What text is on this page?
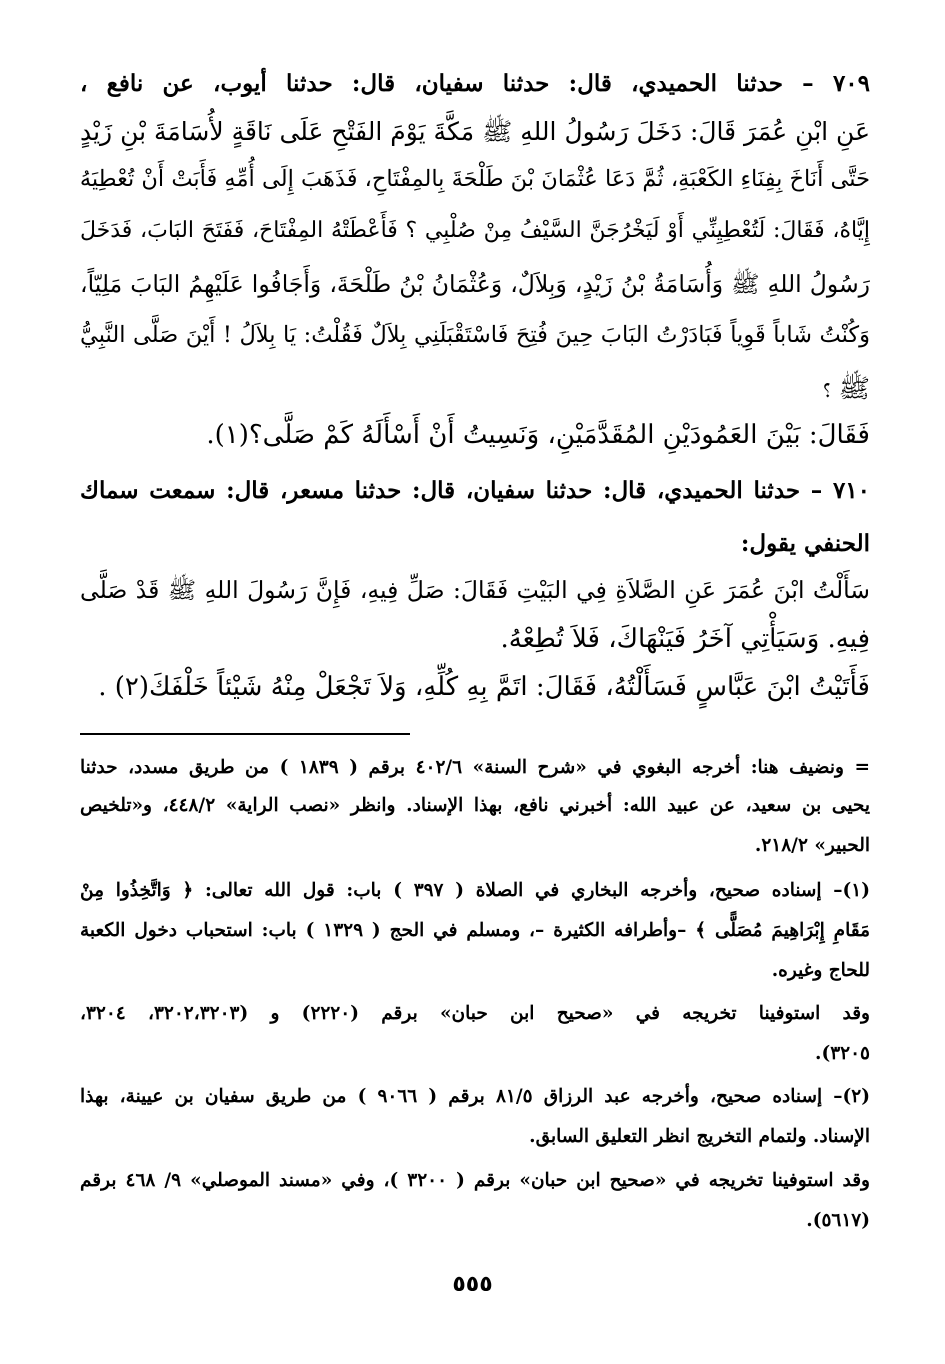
٧٠٩ – حدثنا الحميدي، قال: حدثنا سفيان، قال: حدثنا أيوب، عن نافع ،
عَنِ ابْنِ عُمَرَ قَالَ: دَخَلَ رَسُولُ اللهِ ﷺ مَكَّةَ يَوْمَ الفَتْحِ عَلَى نَاقَةٍ لأُسَامَةَ بْنِ زَيْدٍ
حَتَّى أَنَاخَ بِفِنَاءِ الكَعْبَةِ، ثُمَّ دَعَا عُثْمَانَ بْنَ طَلْحَةَ بِالمِفْتَاحِ، فَذَهَبَ إِلَى أُمِّهِ فَأَبَتْ أَنْ تُعْطِيَهُ
إِيَّاهُ، فَقَالَ: لَتُعْطِيِنِّي أَوْ لَيَخْرُجَنَّ السَّيْفُ مِنْ صُلْبِي ؟ فَأَعْطَتْهُ المِفْتَاحَ، فَفَتَحَ البَابَ، فَدَخَلَ
رَسُولُ اللهِ ﷺ وَأُسَامَةُ بْنُ زَيْدٍ، وَبِلاَلٌ، وَعُثْمَانُ بْنُ طَلْحَةَ، وَأَجَافُوا عَلَيْهِمُ البَابَ مَلِيّاً،
وَكُنْتُ شَاباً قَوِياً فَبَادَرْتُ البَابَ حِينَ فُتِحَ فَاسْتَقْبَلَنِي بِلاَلٌ فَقُلْتُ: يَا بِلاَلُ ! أَيْنَ صَلَّى النَّبِيُّ
ﷺ ؟
فَقَالَ: بَيْنَ العَمُودَيْنِ المُقَدَّمَيْنِ، وَنَسِيتُ أَنْ أَسْأَلَهُ كَمْ صَلَّى؟(١).
٧١٠ – حدثنا الحميدي، قال: حدثنا سفيان، قال: حدثنا مسعر، قال: سمعت سماك
الحنفي يقول:
سَأَلْتُ ابْنَ عُمَرَ عَنِ الصَّلاَةِ فِي البَيْتِ فَقَالَ: صَلِّ فِيهِ، فَإِنَّ رَسُولَ اللهِ ﷺ قَدْ صَلَّى
فِيهِ. وَسَيَأْتِي آخَرُ فَيَنْهَاكَ، فَلاَ تُطِعْهُ.
فَأَتَيْتُ ابْنَ عَبَّاسٍ فَسَأَلْتُهُ، فَقَالَ: اتَمَّ بِهِ كُلِّهِ، وَلاَ تَجْعَلْ مِنْهُ شَيْئاً خَلْفَكَ(٢) .
= ونضيف هنا: أخرجه البغوي في «شرح السنة» ٤٠٢/٦ برقم ( ١٨٣٩ ) من طريق مسدد، حدثنا
يحيى بن سعيد، عن عبيد الله: أخبرني نافع، بهذا الإسناد. وانظر «نصب الراية» ٤٤٨/٢، و«تلخيص
الحبير» ٢١٨/٢.
(١)– إسناده صحيح، وأخرجه البخاري في الصلاة ( ٣٩٧ ) باب: قول الله تعالى: ﴿ وَاتَّخِذُوا مِنْ
مَقَامِ إِبْرَاهِيمَ مُصَلًّى ﴾ –وأطرافه الكثيرة –، ومسلم في الحج ( ١٣٢٩ ) باب: استحباب دخول الكعبة
للحاج وغيره.
وقد استوفينا تخريجه في «صحيح ابن حبان» برقم (٢٢٢٠) و (٣٢٠٢،٣٢٠٣، ٣٢٠٤،
٣٢٠٥).
(٢)– إسناده صحيح، وأخرجه عبد الرزاق ٨١/٥ برقم ( ٩٠٦٦ ) من طريق سفيان بن عيينة، بهذا
الإسناد. ولتمام التخريج انظر التعليق السابق.
وقد استوفينا تخريجه في «صحيح ابن حبان» برقم ( ٣٢٠٠ )، وفي «مسند الموصلي» ٩/ ٤٦٨ برقم
(٥٦١٧).
٥٥٥
